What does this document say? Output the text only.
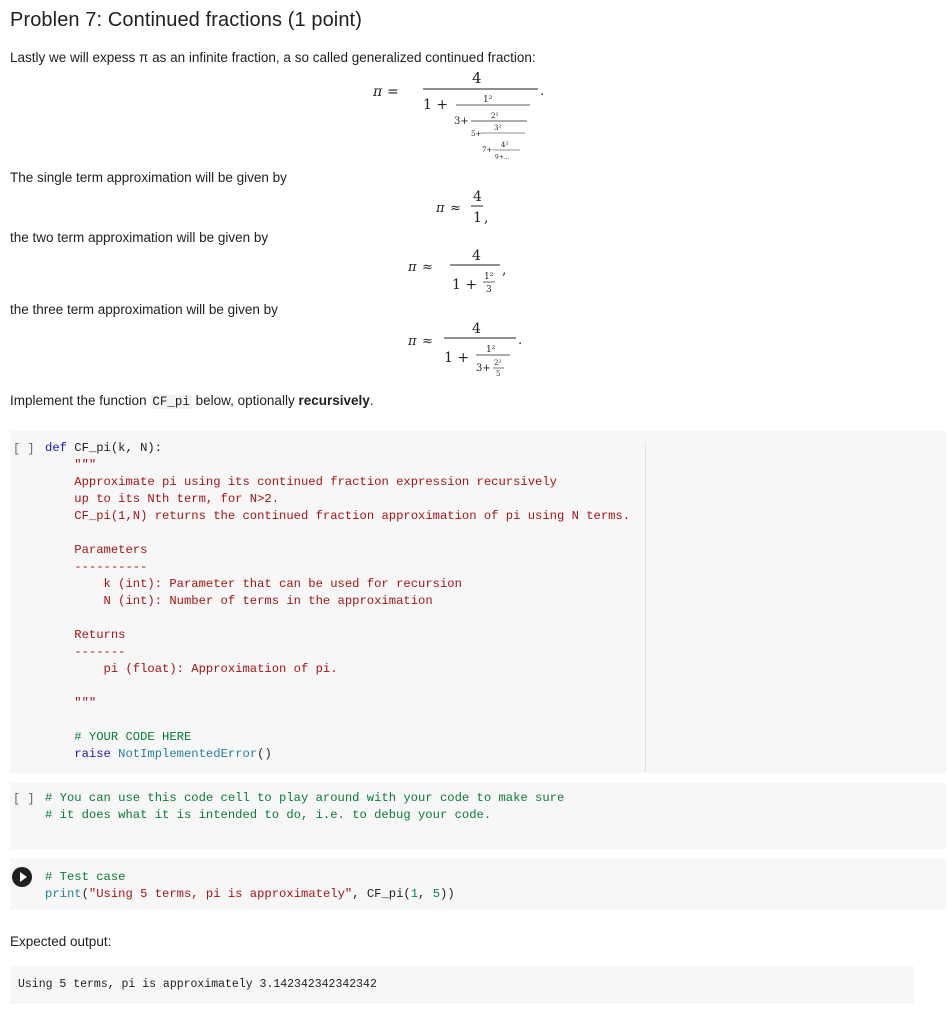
Problen 7: Continued fractions (1 point)
Lastly we will expess π as an infinite fraction, a so called generalized continued fraction:
π =
4
.
1 +	1²
3+	2²
5+
3²
7+
4²
9+...
The single term approximation will be given by
π ≈
4
1 ,
the two term approximation will be given by
π ≈
4
1 + 1²
3
,
the three term approximation will be given by
π ≈
4
.
1 + 1²
3+ 2²
5
Implement the function CF_pi below, optionally recursively.
[ ] def CF_pi(k, N):
"""
Approximate pi using its continued fraction expression recursively
up to its Nth term, for N>2.
CF_pi(1,N) returns the continued fraction approximation of pi using N terms.

Parameters
----------
k (int): Parameter that can be used for recursion
N (int): Number of terms in the approximation

Returns
-------
pi (float): Approximation of pi.

"""

# YOUR CODE HERE
raise NotImplementedError()
[ ] # You can use this code cell to play around with your code to make sure
# it does what it is intended to do, i.e. to debug your code.
# Test case
print("Using 5 terms, pi is approximately", CF_pi(1, 5))
Expected output:
Using 5 terms, pi is approximately 3.142342342342342
